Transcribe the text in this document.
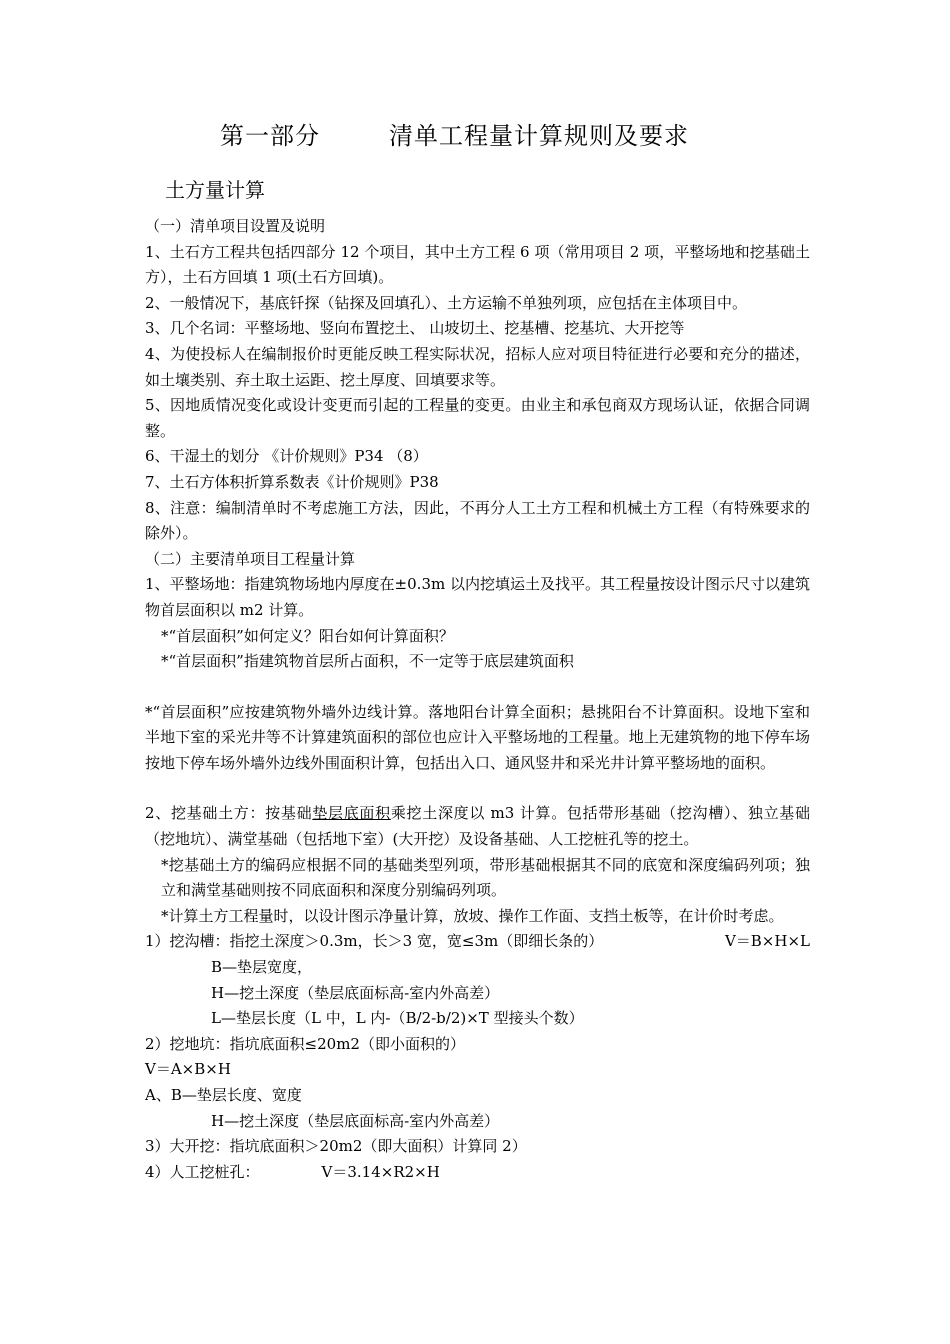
第一部分        清单工程量计算规则及要求
土方量计算

（一）清单项目设置及说明

1、土石方工程共包括四部分 12 个项目，其中土方工程 6 项（常用项目 2 项，平整场地和挖基础土方），土石方回填 1 项(土石方回填)。

2、一般情况下，基底钎探（钻探及回填孔）、土方运输不单独列项，应包括在主体项目中。

3、几个名词：平整场地、竖向布置挖土、 山坡切土、挖基槽、挖基坑、大开挖等

4、为使投标人在编制报价时更能反映工程实际状况，招标人应对项目特征进行必要和充分的描述，如土壤类别、弃土取土运距、挖土厚度、回填要求等。

5、因地质情况变化或设计变更而引起的工程量的变更。由业主和承包商双方现场认证，依据合同调整。

6、干湿土的划分 《计价规则》P34 （8）

7、土石方体积折算系数表《计价规则》P38

8、注意：编制清单时不考虑施工方法，因此，不再分人工土方工程和机械土方工程（有特殊要求的除外）。

（二）主要清单项目工程量计算

1、平整场地：指建筑物场地内厚度在±0.3m 以内挖填运土及找平。其工程量按设计图示尺寸以建筑物首层面积以 m2 计算。

*“首层面积”如何定义？阳台如何计算面积？

*“首层面积”指建筑物首层所占面积，不一定等于底层建筑面积

*“首层面积”应按建筑物外墙外边线计算。落地阳台计算全面积；悬挑阳台不计算面积。设地下室和半地下室的采光井等不计算建筑面积的部位也应计入平整场地的工程量。地上无建筑物的地下停车场按地下停车场外墙外边线外围面积计算，包括出入口、通风竖井和采光井计算平整场地的面积。

2、挖基础土方：按基础垫层底面积乘挖土深度以 m3 计算。包括带形基础（挖沟槽）、独立基础（挖地坑）、满堂基础（包括地下室）(大开挖）及设备基础、人工挖桩孔等的挖土。

*挖基础土方的编码应根据不同的基础类型列项，带形基础根据其不同的底宽和深度编码列项；独立和满堂基础则按不同底面积和深度分别编码列项。

*计算土方工程量时，以设计图示净量计算，放坡、操作工作面、支挡土板等，在计价时考虑。

V＝B×H×L
1）挖沟槽：指挖土深度＞0.3m，长＞3 宽，宽≤3m（即细长条的）

B—垫层宽度，

H—挖土深度（垫层底面标高-室内外高差）

L—垫层长度（L 中，L 内-（B/2-b/2)×T 型接头个数）

2）挖地坑：指坑底面积≤20m2（即小面积的）

V＝A×B×H

A、B—垫层长度、宽度

H—挖土深度（垫层底面标高-室内外高差）

3）大开挖：指坑底面积＞20m2（即大面积）计算同 2）

4）人工挖桩孔：             V＝3.14×R2×H
